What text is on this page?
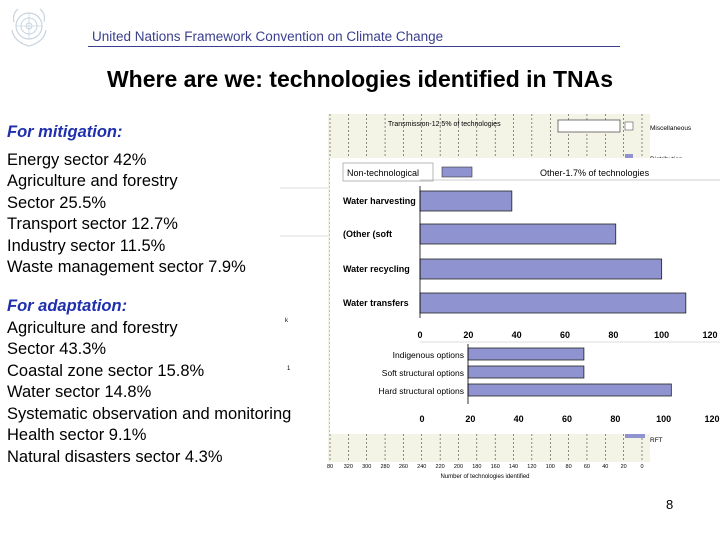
United Nations Framework Convention on Climate Change
Where are we: technologies identified in TNAs
Transmission-12.5% of technologies
Miscellaneous
Distribution
RFT
k
1
80 320 300 280 260 240 220 200 180 160 140 120 100 80 60 40 20	0
Number of technologies identified
Non-technological	Other-1.7% of technologies
Water harvesting
(Other (soft
Water recycling
Water transfers
0	20	40	60	80	100	120
Indigenous options
Soft structural options
Hard structural options
0	20	40	60	80	100	120
For mitigation:
Energy sector 42%
Agriculture and forestry
Sector 25.5%
Transport sector 12.7%
Industry sector 11.5%
Waste management sector 7.9%
For adaptation:
Agriculture and forestry
Sector 43.3%
Coastal zone sector 15.8%
Water sector 14.8%
Systematic observation and monitoring
Health sector 9.1%
Natural disasters sector 4.3%
8
